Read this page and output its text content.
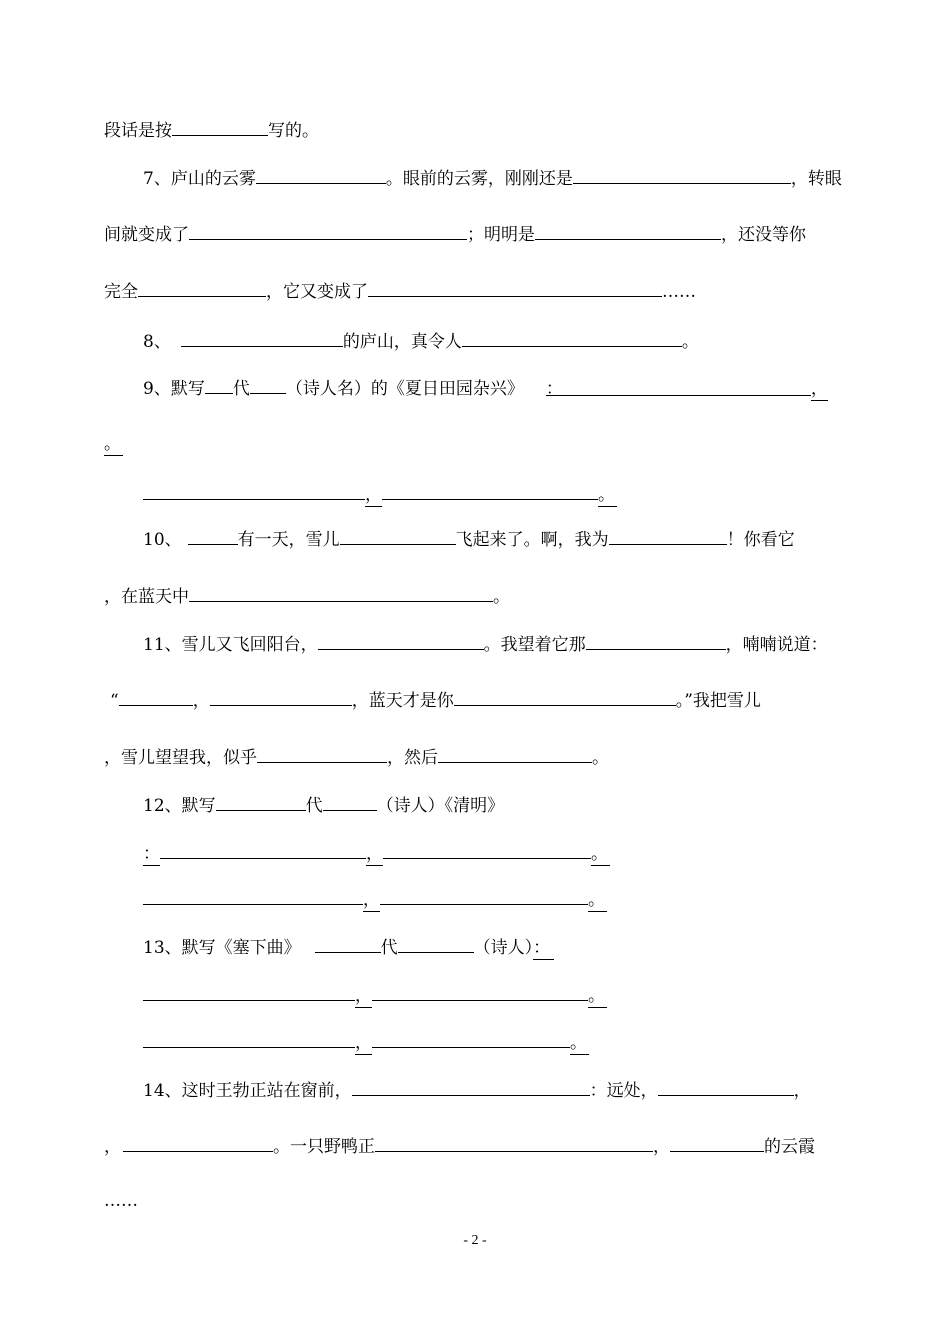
段话是按	写的。
7、庐山的云雾	。眼前的云雾，刚刚还是	，转眼
间就变成了	；明明是	，还没等你
完全	，它又变成了	……
8、	的庐山，真令人	。
9、默写 代 （诗人名）的《夏日田园杂兴》 ：	，
。
，	。
10、	有一天，雪儿	飞起来了。啊，我为	！你看它
，在蓝天中	。
11、雪儿又飞回阳台，	。我望着它那	，喃喃说道：
“	，	，蓝天才是你	。”我把雪儿
，雪儿望望我，似乎	，然后	。
12、默写	代	（诗人）《清明》
：	，	。
，	。
13、默写《塞下曲》	代	（诗人）：
，	。
，	。
14、这时王勃正站在窗前，	：远处，	，
，	。一只野鸭正	，	的云霞
……
- 2 -
